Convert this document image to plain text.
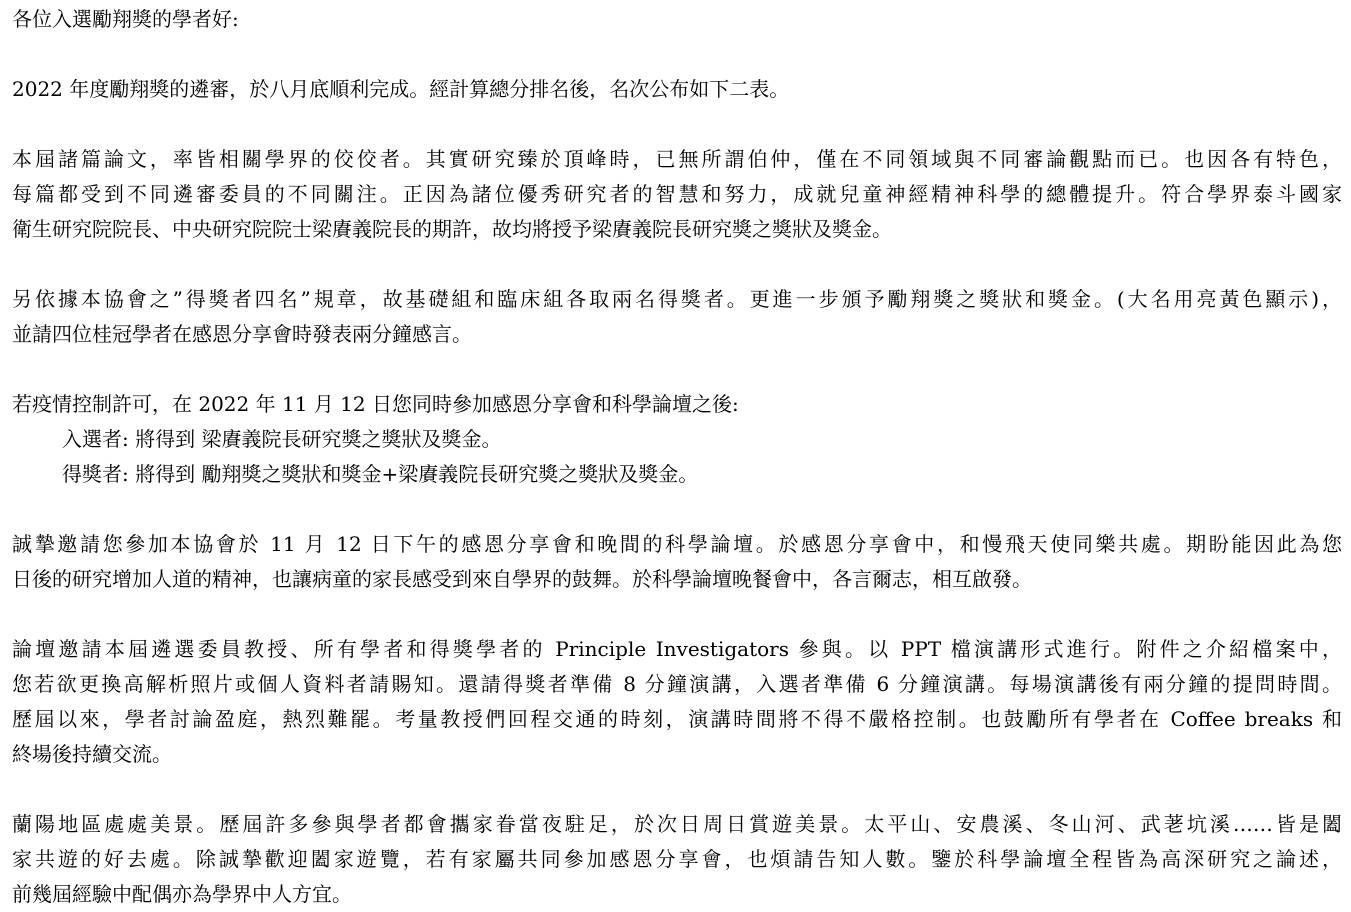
各位入選勵翔獎的學者好:
2022 年度勵翔獎的遴審，於八月底順利完成。經計算總分排名後，名次公布如下二表。
本屆諸篇論文，率皆相關學界的佼佼者。其實研究臻於頂峰時，已無所謂伯仲，僅在不同領域與不同審論觀點而已。也因各有特色，
每篇都受到不同遴審委員的不同關注。正因為諸位優秀研究者的智慧和努力，成就兒童神經精神科學的總體提升。符合學界泰斗國家
衛生研究院院長、中央研究院院士梁賡義院長的期許，故均將授予梁賡義院長研究獎之獎狀及獎金。
另依據本協會之”得獎者四名”規章，故基礎組和臨床組各取兩名得獎者。更進一步頒予勵翔獎之獎狀和獎金。(大名用亮黃色顯示)，
並請四位桂冠學者在感恩分享會時發表兩分鐘感言。
若疫情控制許可，在 2022 年 11 月 12 日您同時參加感恩分享會和科學論壇之後:
入選者: 將得到 梁賡義院長研究獎之獎狀及獎金。
得獎者: 將得到 勵翔獎之獎狀和獎金+梁賡義院長研究獎之獎狀及獎金。
誠摯邀請您參加本協會於 11 月 12 日下午的感恩分享會和晚間的科學論壇。於感恩分享會中，和慢飛天使同樂共處。期盼能因此為您
日後的研究增加人道的精神，也讓病童的家長感受到來自學界的鼓舞。於科學論壇晚餐會中，各言爾志，相互啟發。
論壇邀請本屆遴選委員教授、所有學者和得獎學者的 Principle Investigators 參與。以 PPT 檔演講形式進行。附件之介紹檔案中，
您若欲更換高解析照片或個人資料者請賜知。還請得獎者準備 8 分鐘演講，入選者準備 6 分鐘演講。每場演講後有兩分鐘的提問時間。
歷屆以來，學者討論盈庭，熱烈難罷。考量教授們回程交通的時刻，演講時間將不得不嚴格控制。也鼓勵所有學者在 Coffee breaks 和
終場後持續交流。
蘭陽地區處處美景。歷屆許多參與學者都會攜家眷當夜駐足，於次日周日賞遊美景。太平山、安農溪、冬山河、武荖坑溪……皆是闔
家共遊的好去處。除誠摯歡迎闔家遊覽，若有家屬共同參加感恩分享會，也煩請告知人數。鑒於科學論壇全程皆為高深研究之論述，
前幾屆經驗中配偶亦為學界中人方宜。
